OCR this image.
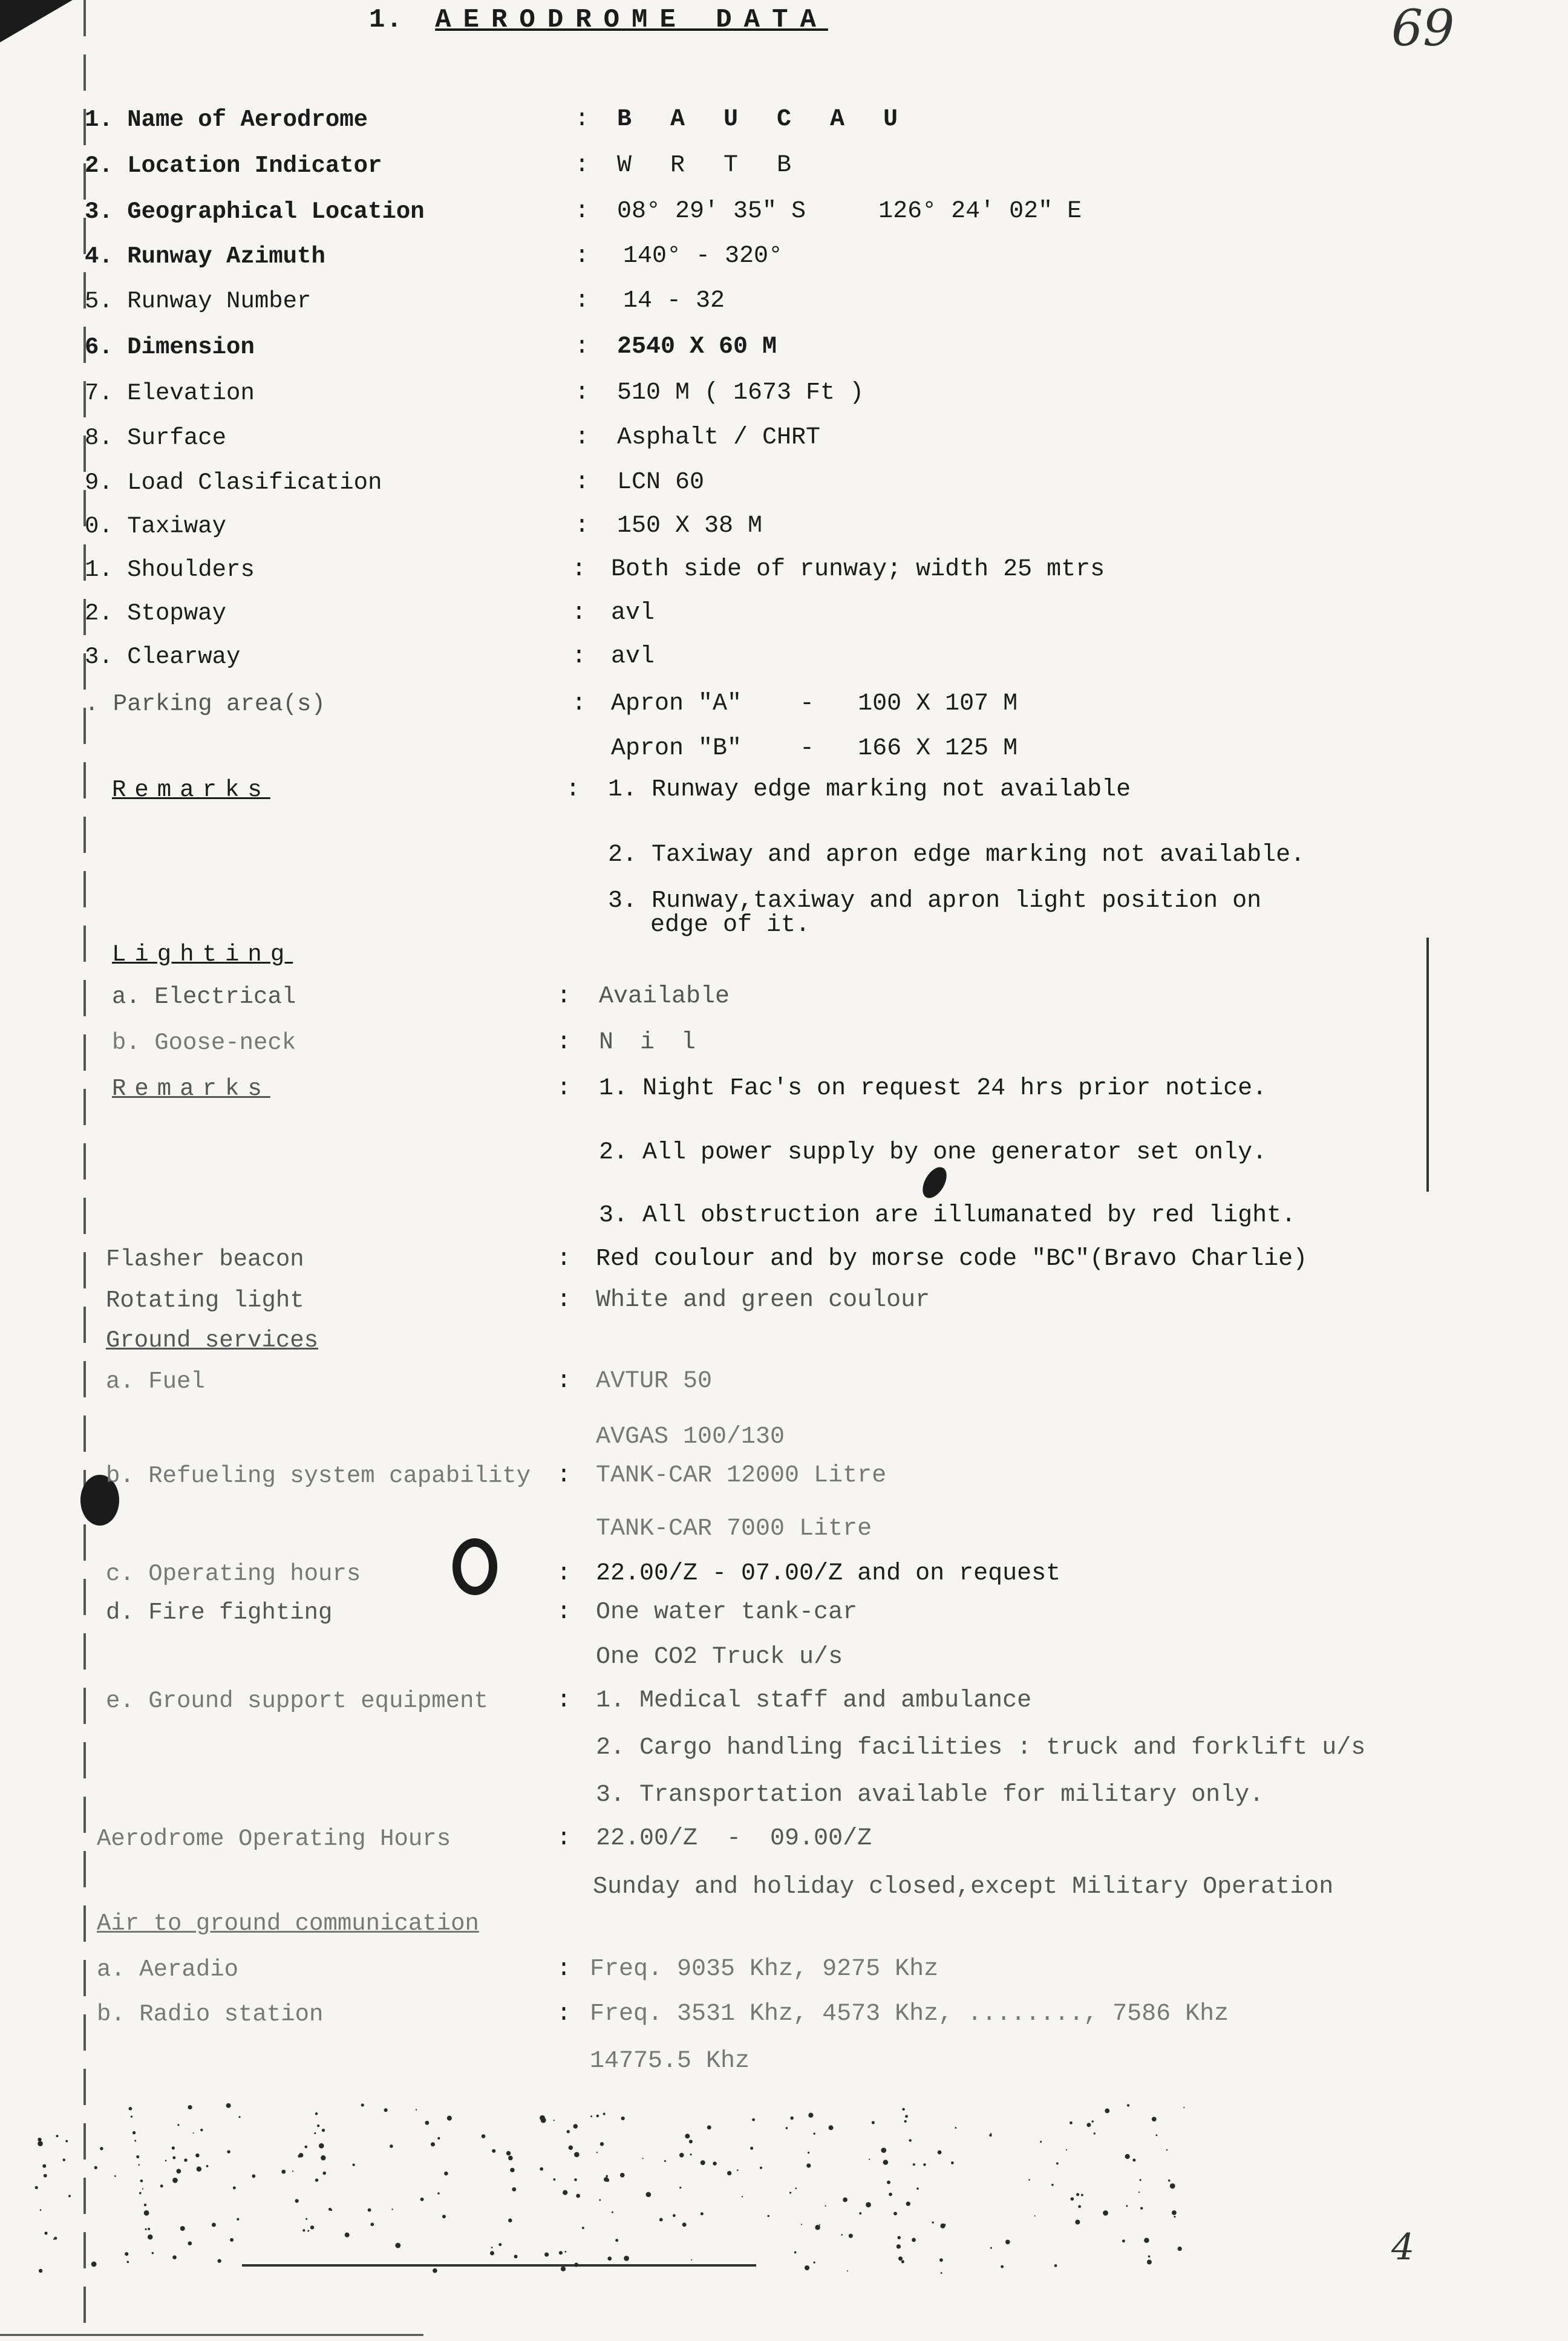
1. AERODROME DATA	69
1. Name of Aerodrome	: B A U C A U
2. Location Indicator	: W R T B
3. Geographical Location	: 08° 29' 35" S     126° 24' 02" E
4. Runway Azimuth	: 140° - 320°
5. Runway Number	: 14 - 32
6. Dimension	: 2540 X 60 M
7. Elevation	: 510 M ( 1673 Ft )
8. Surface	: Asphalt / CHRT
9. Load Clasification	: LCN 60
0. Taxiway	: 150 X 38 M
1. Shoulders	: Both side of runway; width 25 mtrs
2. Stopway	: avl
3. Clearway	: avl
. Parking area(s)	: Apron "A"    -   100 X 107 M
Apron "B"    -   166 X 125 M
Remarks	: 1. Runway edge marking not available
2. Taxiway and apron edge marking not available.
3. Runway,taxiway and apron light position on
edge of it.
Lighting
a. Electrical	: Available
b. Goose-neck	: N i l
Remarks	: 1. Night Fac's on request 24 hrs prior notice.
2. All power supply by one generator set only.
3. All obstruction are illumanated by red light.
Flasher beacon	: Red coulour and by morse code "BC"(Bravo Charlie)
Rotating light	: White and green coulour
Ground services
a. Fuel	: AVTUR 50
AVGAS 100/130
b. Refueling system capability : TANK-CAR 12000 Litre
TANK-CAR 7000 Litre
c. Operating hours	: 22.00/Z - 07.00/Z and on request
d. Fire fighting	: One water tank-car
One CO2 Truck u/s
e. Ground support equipment	: 1. Medical staff and ambulance
2. Cargo handling facilities : truck and forklift u/s
3. Transportation available for military only.
Aerodrome Operating Hours	: 22.00/Z  -  09.00/Z
Sunday and holiday closed,except Military Operation
Air to ground communication
a. Aeradio	: Freq. 9035 Khz, 9275 Khz
b. Radio station	: Freq. 3531 Khz, 4573 Khz, ........, 7586 Khz
14775.5 Khz
4
